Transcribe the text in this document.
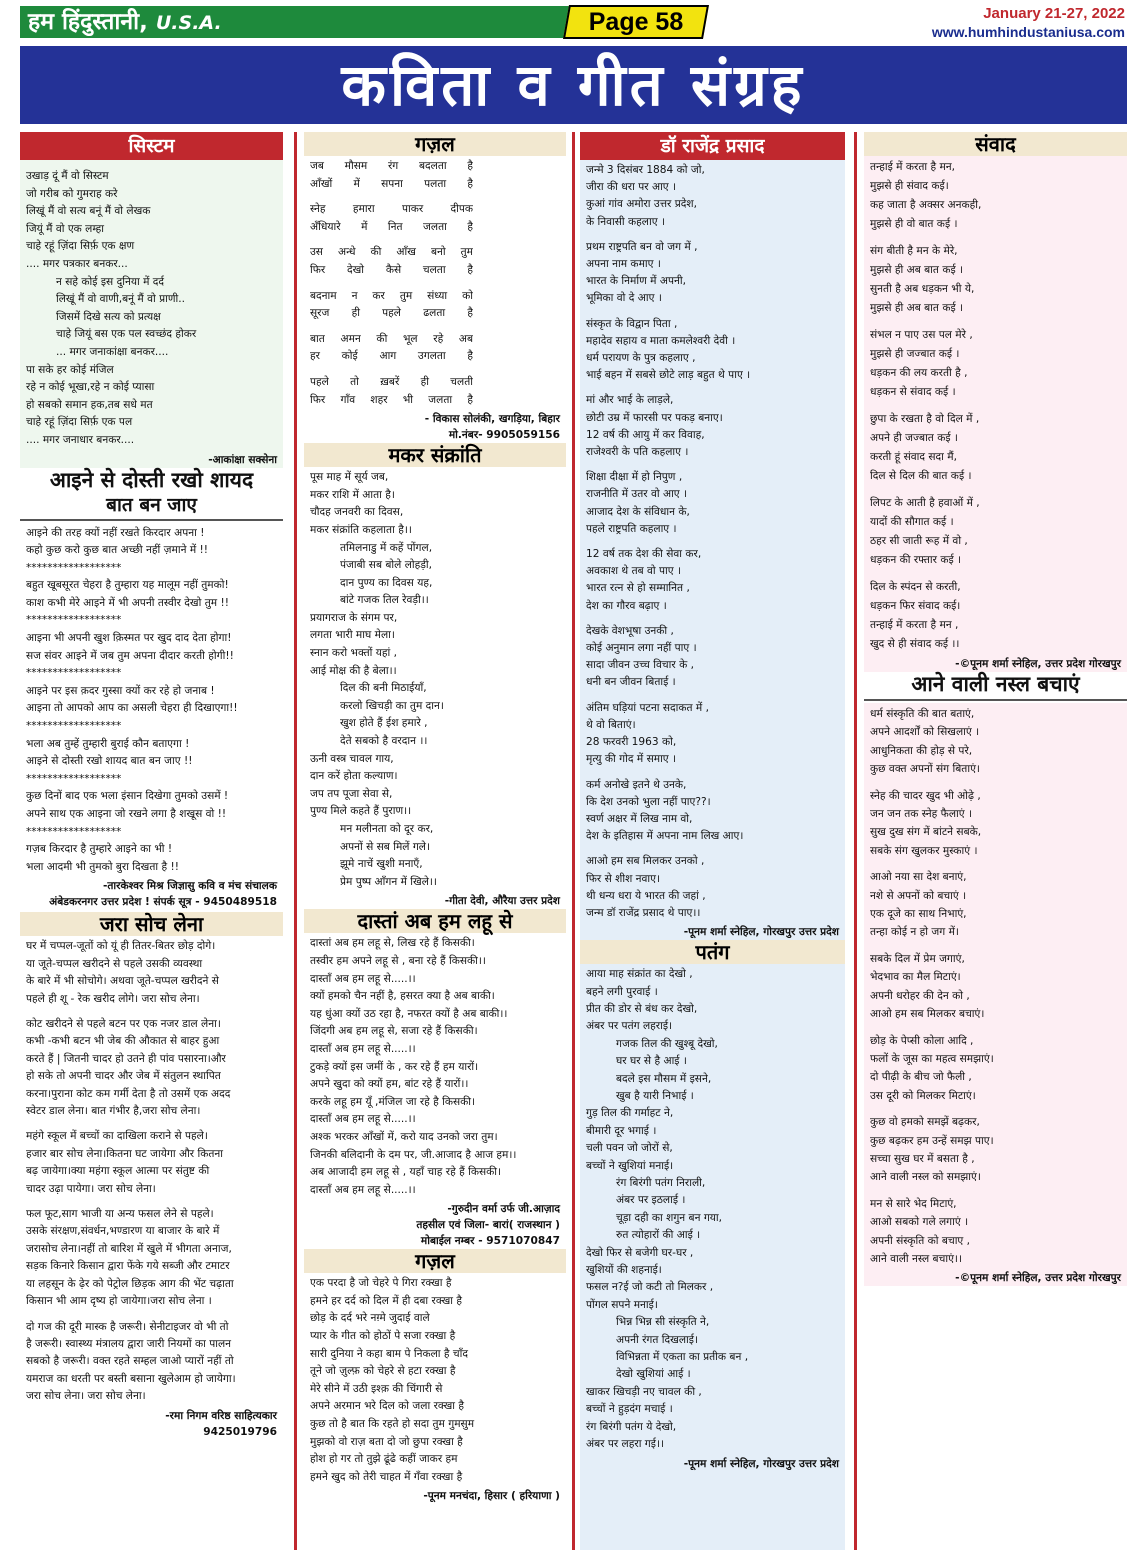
हम हिंदुस्तानी, U.S.A.	Page 58	January 21-27, 2022
www.humhindustaniusa.com
कविता व गीत संग्रह
सिस्टम
उखाड़ दूं मैं वो सिस्टम
जो गरीब को गुमराह करे
लिखूं मैं वो सत्य बनूं मैं वो लेखक
जियूं मैं वो एक लम्हा
चाहे रहूं ज़िंदा सिर्फ़ एक क्षण
.... मगर पत्रकार बनकर...
न सहे कोई इस दुनिया में दर्द
लिखूं मैं वो वाणी,बनूं मैं वो प्राणी..
जिसमें दिखे सत्य को प्रत्यक्ष
चाहे जियूं बस एक पल स्वच्छंद होकर
... मगर जनाकांक्षा बनकर....
पा सके हर कोई मंजिल
रहे न कोई भूखा,रहे न कोई प्यासा
हो सबको समान हक,तब सधे मत
चाहे रहूं ज़िंदा सिर्फ़ एक पल
.... मगर जनाधार बनकर....
-आकांक्षा सक्सेना
आइने से दोस्ती रखो शायद
बात बन जाए
आइने की तरह क्यों नहीं रखते किरदार अपना !
कहो कुछ करो कुछ बात अच्छी नहीं ज़माने में !!
******************
बहुत खूबसूरत चेहरा है तुम्हारा यह मालूम नहीं तुमको!
काश कभी मेरे आइने में भी अपनी तस्वीर देखो तुम !!
******************
आइना भी अपनी खुश क़िस्मत पर खुद दाद देता होगा!
सज संवर आइने में जब तुम अपना दीदार करती होगी!!
******************
आइने पर इस क़दर गुस्सा क्यों कर रहे हो जनाब !
आइना तो आपको आप का असली चेहरा ही दिखाएगा!!
******************
भला अब तुम्हें तुम्हारी बुराई कौन बताएगा !
आइने से दोस्ती रखो शायद बात बन जाए !!
******************
कुछ दिनों बाद एक भला इंसान दिखेगा तुमको उसमें !
अपने साथ एक आइना जो रखने लगा है शखूस वो !!
******************
गज़ब किरदार है तुम्हारे आइने का भी !
भला आदमी भी तुमको बुरा दिखता है !!
-तारकेश्वर मिश्र जिज्ञासु कवि व मंच संचालक
अंबेडकरनगर उत्तर प्रदेश ! संपर्क सूत्र - 9450489518
जरा सोच लेना
घर में चप्पल-जूतों को यूं ही तितर-बितर छोड़ दोगे।
या जूते-चप्पल खरीदने से पहले उसकी व्यवस्था
के बारे में भी सोचोगे। अथवा जूते-चप्पल खरीदने से
पहले ही शू - रेक खरीद लोगे। जरा सोच लेना।
कोट खरीदने से पहले बटन पर एक नजर डाल लेना।
कभी -कभी बटन भी जेब की औकात से बाहर हुआ
करते हैं | जितनी चादर हो उतने ही पांव पसारना।और
हो सके तो अपनी चादर और जेब में संतुलन स्थापित
करना।पुराना कोट कम गर्मी देता है तो उसमें एक अदद
स्वेटर डाल लेना। बात गंभीर है,जरा सोच लेना।
महंगे स्कूल में बच्चों का दाखिला कराने से पहले।
हजार बार सोच लेना।कितना घट जायेगा और कितना
बढ़ जायेगा।क्या महंगा स्कूल आत्मा पर संतुष्ट की
चादर उढ़ा पायेगा। जरा सोच लेना।
फल फूट,साग भाजी या अन्य फसल लेने से पहले।
उसके संरक्षण,संवर्धन,भण्डारण या बाजार के बारे में
जरासोच लेना।नहीं तो बारिश में खुले में भीगता अनाज,
सड़क किनारे किसान द्वारा फेंके गये सब्जी और टमाटर
या लहसून के ढ़ेर को पेट्रोल छिड़क आग की भेंट चढ़ाता
किसान भी आम दृष्य हो जायेगा।जरा सोच लेना ।
दो गज की दूरी मास्क है जरूरी। सेनीटाइजर वो भी तो
है जरूरी। स्वास्थ्य मंत्रालय द्वारा जारी नियमों का पालन
सबको है जरूरी। वक्त रहते सम्हल जाओ प्यारों नहीं तो
यमराज का धरती पर बस्ती बसाना खुलेआम हो जायेगा।
जरा सोच लेना। जरा सोच लेना।
-रमा निगम वरिष्ठ साहित्यकार
9425019796
गज़ल
जब मौसम रंग बदलता है
आँखों में सपना पलता है
स्नेह हमारा पाकर दीपक
अँधियारे में नित जलता है
उस अन्धे की आँख बनो तुम
फिर देखो कैसे चलता है
बदनाम न कर तुम संध्या को
सूरज ही पहले ढलता है
बात अमन की भूल रहे अब
हर कोई आग उगलता है
पहले तो ख़बरें ही चलती
फिर गाँव शहर भी जलता है
- विकास सोलंकी, खगड़िया, बिहार
मो.नंबर- 9905059156
मकर संक्रांति
पूस माह में सूर्य जब,
मकर राशि में आता है।
चौदह जनवरी का दिवस,
मकर संक्रांति कहलाता है।।
तमिलनाडु में कहें पोंगल,
पंजाबी सब बोले लोहड़ी,
दान पुण्य का दिवस यह,
बांटे गजक तिल रेवड़ी।।
प्रयागराज के संगम पर,
लगता भारी माघ मेला।
स्नान करो भक्तों यहां ,
आई मोक्ष की है बेला।।
दिल की बनी मिठाईयाँ,
करलो खिचड़ी का तुम दान।
खुश होते हैं ईश हमारे ,
देते सबको है वरदान ।।
ऊनी वस्त्र चावल गाय,
दान करें होता कल्याण।
जप तप पूजा सेवा से,
पुण्य मिले कहते हैं पुराण।।
मन मलीनता को दूर कर,
अपनों से सब मिलें गले।
झूमे नाचें खुशी मनाएँ,
प्रेम पुष्प आँगन में खिले।।
-गीता देवी, औरैया उत्तर प्रदेश
दास्तां अब हम लहू से
दास्तां अब हम लहू से, लिख रहे हैं किसकी।
तस्वीर हम अपने लहू से , बना रहे हैं किसकी।।
दास्ताँ अब हम लहू से.....।।
क्यों हमको चैन नहीं है, हसरत क्या है अब बाकी।
यह धुंआ क्यों उठ रहा है, नफरत क्यों है अब बाकी।।
जिंदगी अब हम लहू से, सजा रहे हैं किसकी।
दास्ताँ अब हम लहू से.....।।
टुकड़े क्यों इस जमीं के , कर रहे हैं हम यारों।
अपने खुदा को क्यों हम, बांट रहे हैं यारों।।
करके लहू हम यूँ ,मंजिल जा रहे है किसकी।
दास्ताँ अब हम लहू से.....।।
अश्क भरकर आँखों में, करो याद उनको जरा तुम।
जिनकी बलिदानी के दम पर, जी.आजाद है आज हम।।
अब आजादी हम लहू से , यहाँ चाह रहे हैं किसकी।
दास्ताँ अब हम लहू से.....।।
-गुरुदीन वर्मा उर्फ जी.आज़ाद
तहसील एवं जिला- बारां( राजस्थान )
मोबाईल नम्बर - 9571070847
गज़ल
एक परदा है जो चेहरे पे गिरा रक्खा है
हमने हर दर्द को दिल में ही दबा रक्खा है
छोड़ के दर्द भरे नग़्मे जुदाई वाले
प्यार के गीत को होठों पे सजा रक्खा है
सारी दुनिया ने कहा बाम पे निकला है चाँद
तूने जो ज़ुल्फ़ को चेहरे से हटा रक्खा है
मेरे सीने में उठी इश्क़ की चिंगारी से
अपने अरमान भरे दिल को जला रक्खा है
कुछ तो है बात कि रहते हो सदा तुम गुमसुम
मुझको वो राज़ बता दो जो छुपा रक्खा है
होश हो गर तो तुझे ढूंढे कहीं जाकर हम
हमने खुद को तेरी चाहत में गँवा रक्खा है
-पूनम मनचंदा, हिसार ( हरियाणा )
डॉ राजेंद्र प्रसाद
जन्मे 3 दिसंबर 1884 को जो,
जीरा की धरा पर आए ।
कुआं गांव अमोरा उत्तर प्रदेश,
के निवासी कहलाए ।
प्रथम राष्ट्रपति बन वो जग में ,
अपना नाम कमाए ।
भारत के निर्माण में अपनी,
भूमिका वो दे आए ।
संस्कृत के विद्वान पिता ,
महादेव सहाय व माता कमलेश्वरी देवी ।
धर्म परायण के पुत्र कहलाए ,
भाई बहन में सबसे छोटे लाड़ बहुत थे पाए ।
मां और भाई के लाड़ले,
छोटी उम्र में फारसी पर पकड़ बनाए।
12 वर्ष की आयु में कर विवाह,
राजेश्वरी के पति कहलाए ।
शिक्षा दीक्षा में हो निपुण ,
राजनीति में उतर वो आए ।
आजाद देश के संविधान के,
पहले राष्ट्रपति कहलाए ।
12 वर्ष तक देश की सेवा कर,
अवकाश थे तब वो पाए ।
भारत रत्न से हो सम्मानित ,
देश का गौरव बढ़ाए ।
देखके वेशभूषा उनकी ,
कोई अनुमान लगा नहीं पाए ।
सादा जीवन उच्च विचार के ,
धनी बन जीवन बिताई ।
अंतिम घड़ियां पटना सदाकत में ,
थे वो बिताएं।
28 फरवरी 1963 को,
मृत्यु की गोद में समाए ।
कर्म अनोखे इतने थे उनके,
कि देश उनको भुला नहीं पाए??।
स्वर्ण अक्षर में लिख नाम वो,
देश के इतिहास में अपना नाम लिख आए।
आओ हम सब मिलकर उनको ,
फिर से शीश नवाए।
थी धन्य धरा ये भारत की जहां ,
जन्म डॉ राजेंद्र प्रसाद थे पाए।।
-पूनम शर्मा स्नेहिल, गोरखपुर उत्तर प्रदेश
पतंग
आया माह संक्रांत का देखो ,
बहने लगी पुरवाई ।
प्रीत की डोर से बंध कर देखो,
अंबर पर पतंग लहराई।
गजक तिल की खुश्बू देखो,
घर घर से है आई ।
बदले इस मौसम में इसने,
खुब है यारी निभाई ।
गुड़ तिल की गर्माहट ने,
बीमारी दूर भगाई ।
चली पवन जो जोरों से,
बच्चों ने खुशियां मनाई।
रंग बिरंगी पतंग निराली,
अंबर पर इठलाई ।
चूड़ा दही का शगुन बन गया,
रुत त्योहारों की आई ।
देखो फिर से बजेगी घर-घर ,
खुशियों की शहनाई।
फसल न?ई जो कटी तो मिलकर ,
पोंगल सपने मनाई।
भिन्न भिन्न सी संस्कृति ने,
अपनी रंगत दिखलाई।
विभिन्नता में एकता का प्रतीक बन ,
देखो खुशियां आई ।
खाकर खिचड़ी नए चावल की ,
बच्चों ने हुड़दंग मचाई ।
रंग बिरंगी पतंग ये देखो,
अंबर पर लहरा गई।।
-पूनम शर्मा स्नेहिल, गोरखपुर उत्तर प्रदेश
संवाद
तन्हाई में करता है मन,
मुझसे ही संवाद कई।
कह जाता है अक्सर अनकही,
मुझसे ही वो बात कई ।
संग बीती है मन के मेरे,
मुझसे ही अब बात कई ।
सुनती है अब धड़कन भी ये,
मुझसे ही अब बात कई ।
संभल न पाए उस पल मेरे ,
मुझसे ही जज्बात कई ।
धड़कन की लय करती है ,
धड़कन से संवाद कई ।
छुपा के रखता है वो दिल में ,
अपने ही जज्बात कई ।
करती हूं संवाद सदा मैं,
दिल से दिल की बात कई ।
लिपट के आती है हवाओं में ,
यादों की सौगात कई ।
ठहर सी जाती रूह में वो ,
धड़कन की रफ्तार कई ।
दिल के स्पंदन से करती,
धड़कन फिर संवाद कई।
तन्हाई में करता है मन ,
खुद से ही संवाद कई ।।
-©पूनम शर्मा स्नेहिल, उत्तर प्रदेश गोरखपुर
आने वाली नस्ल बचाएं
धर्म संस्कृति की बात बताएं,
अपने आदर्शों को सिखलाएं ।
आधुनिकता की होड़ से परे,
कुछ वक्त अपनों संग बिताएं।
स्नेह की चादर खुद भी ओढ़े ,
जन जन तक स्नेह फैलाएं ।
सुख दुख संग में बांटने सबके,
सबके संग खुलकर मुस्काएं ।
आओ नया सा देश बनाएं,
नशे से अपनों को बचाएं ।
एक दूजे का साथ निभाएं,
तन्हा कोई न हो जग में।
सबके दिल में प्रेम जगाएं,
भेदभाव का मैल मिटाएं।
अपनी धरोहर की देन को ,
आओ हम सब मिलकर बचाएं।
छोड़ के पेप्सी कोला आदि ,
फलों के जूस का महत्व समझाएं।
दो पीढ़ी के बीच जो फैली ,
उस दूरी को मिलकर मिटाएं।
कुछ वो हमको समझें बढ़कर,
कुछ बढ़कर हम उन्हें समझ पाए।
सच्चा सुख घर में बसता है ,
आने वाली नस्ल को समझाएं।
मन से सारे भेद मिटाएं,
आओ सबको गले लगाएं ।
अपनी संस्कृति को बचाए ,
आने वाली नस्ल बचाएं।।
-©पूनम शर्मा स्नेहिल, उत्तर प्रदेश गोरखपुर
